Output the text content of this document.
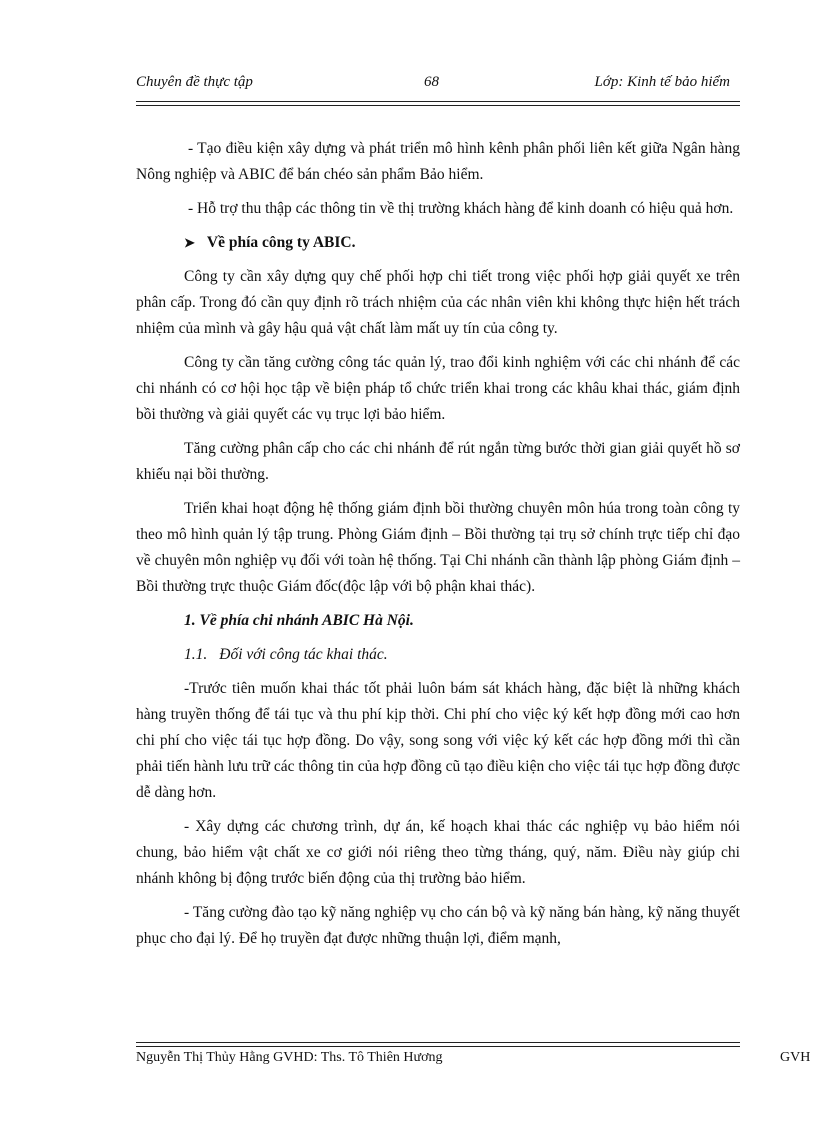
Chuyên đề thực tập	68	Lớp: Kinh tế bảo hiểm

- Tạo điều kiện xây dựng và phát triển mô hình kênh phân phối liên kết giữa Ngân hàng Nông nghiệp và ABIC để bán chéo sản phẩm Bảo hiểm.

- Hỗ trợ thu thập các thông tin về thị trường khách hàng để kinh doanh có hiệu quả hơn.

➤ Về phía công ty ABIC.

Công ty cần xây dựng quy chế phối hợp chi tiết trong việc phối hợp giải quyết xe trên phân cấp. Trong đó cần quy định rõ trách nhiệm của các nhân viên khi không thực hiện hết trách nhiệm của mình và gây hậu quả vật chất làm mất uy tín của công ty.

Công ty cần tăng cường công tác quản lý, trao đổi kinh nghiệm với các chi nhánh để các chi nhánh có cơ hội học tập về biện pháp tổ chức triển khai trong các khâu khai thác, giám định bồi thường và giải quyết các vụ trục lợi bảo hiểm.

Tăng cường phân cấp cho các chi nhánh để rút ngắn từng bước thời gian giải quyết hồ sơ khiếu nại bồi thường.

Triển khai hoạt động hệ thống giám định bồi thường chuyên môn húa trong toàn công ty theo mô hình quản lý tập trung. Phòng Giám định – Bồi thường tại trụ sở chính trực tiếp chỉ đạo về chuyên môn nghiệp vụ đối với toàn hệ thống. Tại Chi nhánh cần thành lập phòng Giám định – Bồi thường trực thuộc Giám đốc(độc lập với bộ phận khai thác).

1. Về phía chi nhánh ABIC Hà Nội.

1.1. Đối với công tác khai thác.

-Trước tiên muốn khai thác tốt phải luôn bám sát khách hàng, đặc biệt là những khách hàng truyền thống để tái tục và thu phí kịp thời. Chi phí cho việc ký kết hợp đồng mới cao hơn chi phí cho việc tái tục hợp đồng. Do vậy, song song với việc ký kết các hợp đồng mới thì cần phải tiến hành lưu trữ các thông tin của hợp đồng cũ tạo điều kiện cho việc tái tục hợp đồng được dễ dàng hơn.

- Xây dựng các chương trình, dự án, kế hoạch khai thác các nghiệp vụ bảo hiểm nói chung, bảo hiểm vật chất xe cơ giới nói riêng theo từng tháng, quý, năm. Điều này giúp chi nhánh không bị động trước biến động của thị trường bảo hiểm.

- Tăng cường đào tạo kỹ năng nghiệp vụ cho cán bộ và kỹ năng bán hàng, kỹ năng thuyết phục cho đại lý. Để họ truyền đạt được những thuận lợi, điểm mạnh,

Nguyễn Thị Thủy Hằng GVHD: Ths. Tô Thiên Hương	GVH
